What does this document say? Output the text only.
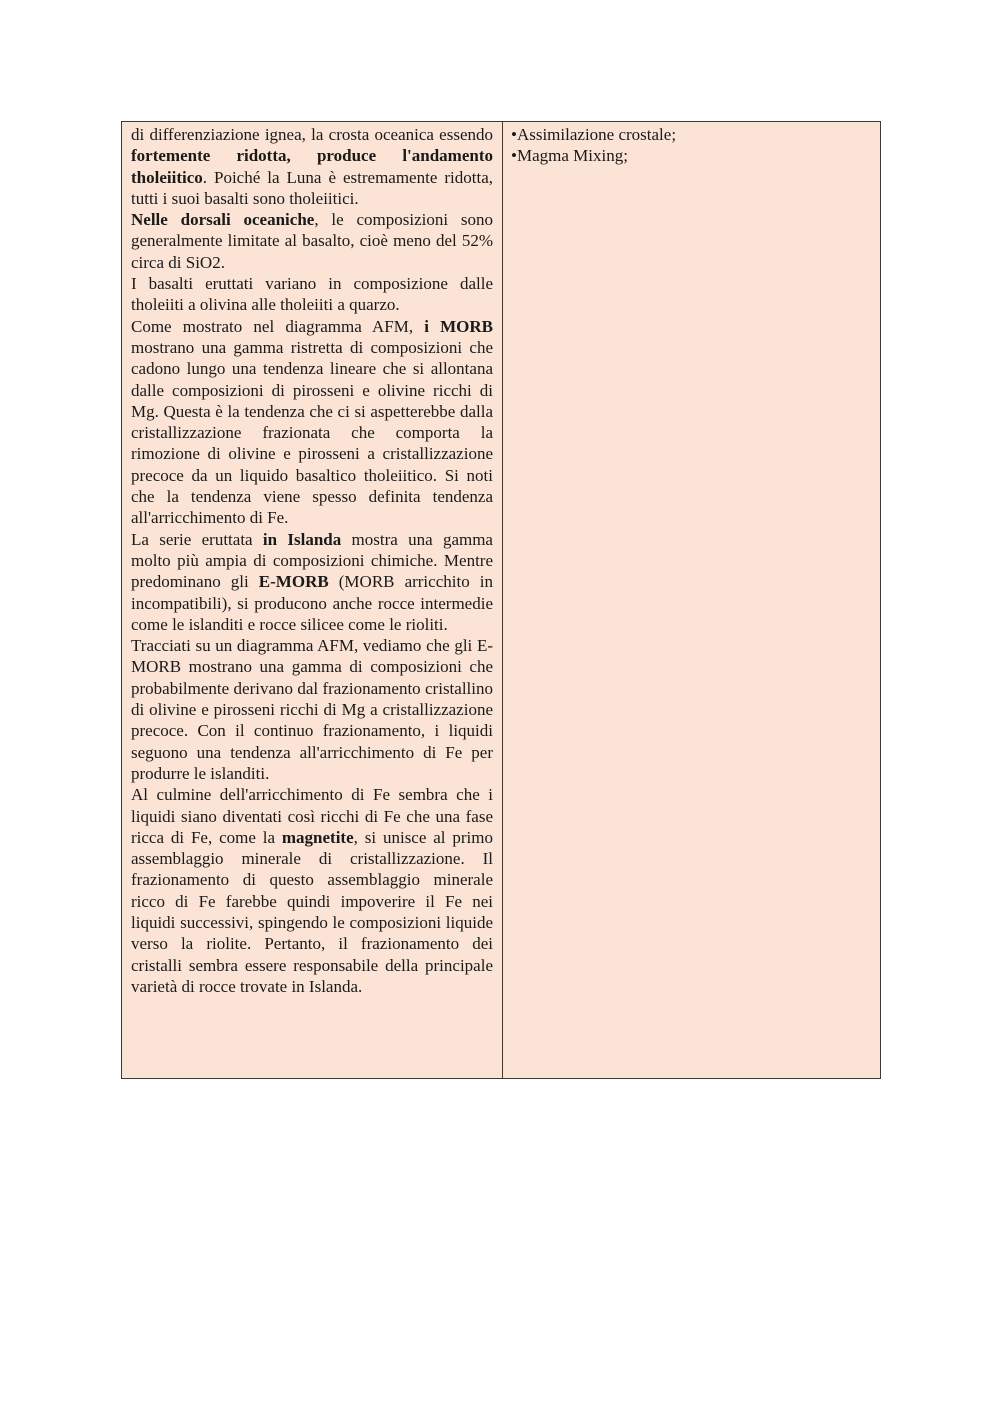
di differenziazione ignea, la crosta oceanica essendo fortemente ridotta, produce l'andamento tholeiitico. Poiché la Luna è estremamente ridotta, tutti i suoi basalti sono tholeiitici.

Nelle dorsali oceaniche, le composizioni sono generalmente limitate al basalto, cioè meno del 52% circa di SiO2.

I basalti eruttati variano in composizione dalle tholeiiti a olivina alle tholeiiti a quarzo.

Come mostrato nel diagramma AFM, i MORB mostrano una gamma ristretta di composizioni che cadono lungo una tendenza lineare che si allontana dalle composizioni di pirosseni e olivine ricchi di Mg. Questa è la tendenza che ci si aspetterebbe dalla cristallizzazione frazionata che comporta la rimozione di olivine e pirosseni a cristallizzazione precoce da un liquido basaltico tholeiitico. Si noti che la tendenza viene spesso definita tendenza all'arricchimento di Fe.

La serie eruttata in Islanda mostra una gamma molto più ampia di composizioni chimiche. Mentre predominano gli E-MORB (MORB arricchito in incompatibili), si producono anche rocce intermedie come le islanditi e rocce silicee come le rioliti.

Tracciati su un diagramma AFM, vediamo che gli E-MORB mostrano una gamma di composizioni che probabilmente derivano dal frazionamento cristallino di olivine e pirosseni ricchi di Mg a cristallizzazione precoce. Con il continuo frazionamento, i liquidi seguono una tendenza all'arricchimento di Fe per produrre le islanditi.

Al culmine dell'arricchimento di Fe sembra che i liquidi siano diventati così ricchi di Fe che una fase ricca di Fe, come la magnetite, si unisce al primo assemblaggio minerale di cristallizzazione. Il frazionamento di questo assemblaggio minerale ricco di Fe farebbe quindi impoverire il Fe nei liquidi successivi, spingendo le composizioni liquide verso la riolite. Pertanto, il frazionamento dei cristalli sembra essere responsabile della principale varietà di rocce trovate in Islanda.

•Assimilazione crostale;
•Magma Mixing;
